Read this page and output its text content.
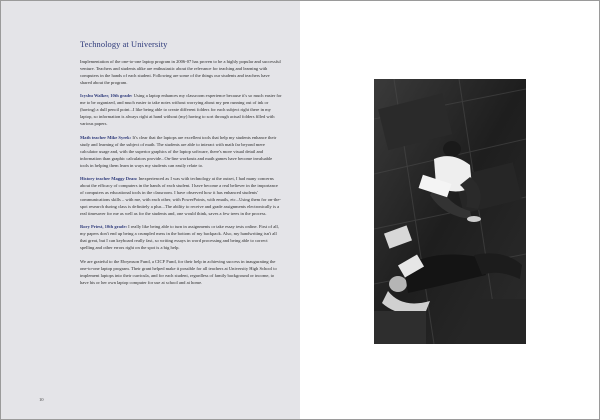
Technology at University

Implementation of the one-to-one laptop program in 2006-07 has proven to be a highly popular and successful venture. Teachers and students alike are enthusiastic about the relevance for teaching and learning with computers in the hands of each student. Following are some of the things our students and teachers have shared about the program.

Icyshu Walker, 10th grade: Using a laptop enhances my classroom experience because it's so much easier for me to be organized, and much easier to take notes without worrying about my pen running out of ink or (having) a dull pencil point...I like being able to create different folders for each subject right there in my laptop, so information is always right at hand without (my) having to sort through actual folders filled with various papers.

Math teacher Mike Syrek: It's clear that the laptops are excellent tools that help my students enhance their study and learning of the subject of math. The students are able to interact with math far beyond mere calculator usage and, with the superior graphics of the laptop software, there's more visual detail and information than graphic calculators provide...On-line workouts and math games have become invaluable tools in helping them learn in ways my students can easily relate to.

History teacher Maggy Dean: Inexperienced as I was with technology at the outset, I had many concerns about the efficacy of computers in the hands of each student. I have become a real believer in the importance of computers as educational tools in the classroom. I have observed how it has enhanced students' communications skills – with me, with each other, with PowerPoints, with emails, etc...Using them for on-the-spot research during class is definitely a plus...The ability to receive and grade assignments electronically is a real timesaver for me as well as for the students and, one would think, saves a few trees in the process.

Rory Priest, 10th grade: I really like being able to turn in assignments or take essay tests online. First of all, my papers don't end up being a crumpled mess in the bottom of my backpack. Also, my handwriting isn't all that great, but I can keyboard really fast, so writing essays in word processing and being able to correct spelling and other errors right on the spot is a big help.

We are grateful to the Ebrymson Fund, a CICF Fund, for their help in achieving success in inaugurating the one-to-one laptop program. Their grant helped make it possible for all teachers at University High School to implement laptops into their curricula, and for each student, regardless of family background or income, to have his or her own laptop computer for use at school and at home.

10
